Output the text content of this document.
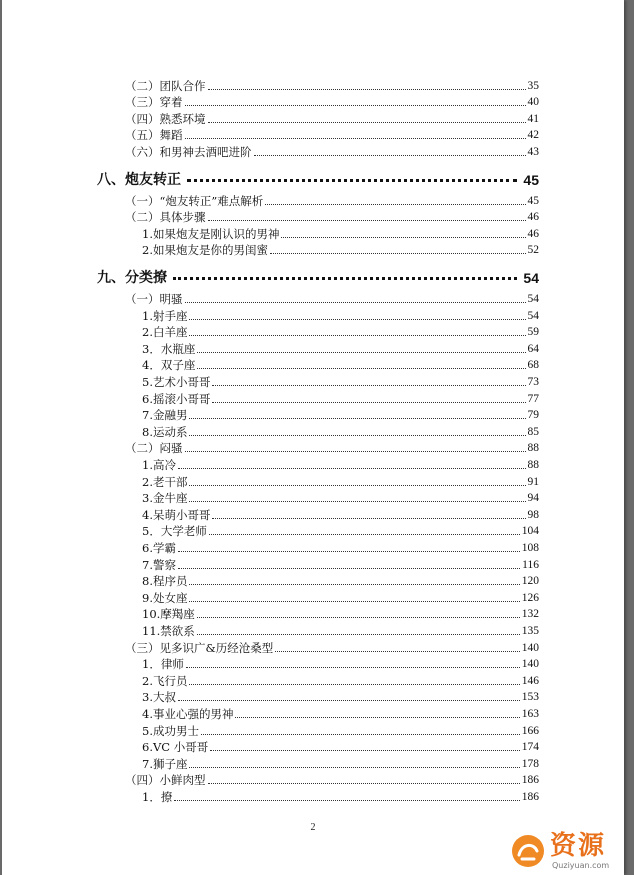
（二）团队合作	35
（三）穿着	40
（四）熟悉环境	41
（五）舞蹈	42
（六）和男神去酒吧进阶	43
八、炮友转正	45
（一）“炮友转正”难点解析	45
（二）具体步骤	46
1.如果炮友是刚认识的男神	46
2.如果炮友是你的男闺蜜	52
九、分类撩	54
（一）明骚	54
1.射手座	54
2.白羊座	59
3．水瓶座	64
4．双子座	68
5.艺术小哥哥	73
6.摇滚小哥哥	77
7.金融男	79
8.运动系	85
（二）闷骚	88
1.高冷	88
2.老干部	91
3.金牛座	94
4.呆萌小哥哥	98
5．大学老师	104
6.学霸	108
7.警察	116
8.程序员	120
9.处女座	126
10.摩羯座	132
11.禁欲系	135
（三）见多识广&历经沧桑型	140
1．律师	140
2.飞行员	146
3.大叔	153
4.事业心强的男神	163
5.成功男士	166
6.VC 小哥哥	174
7.狮子座	178
（四）小鲜肉型	186
1．撩	186
2
资源
Quziyuan.com
